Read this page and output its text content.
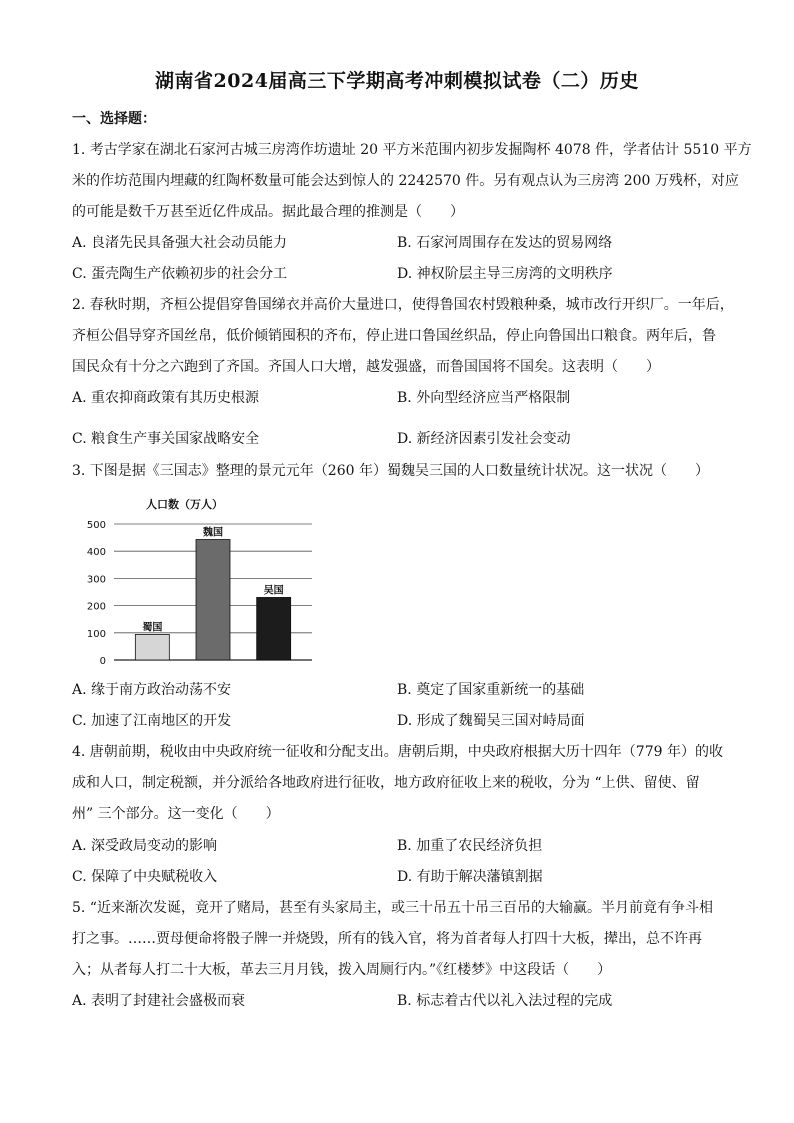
湖南省2024届高三下学期高考冲刺模拟试卷（二）历史
一、选择题：
1. 考古学家在湖北石家河古城三房湾作坊遗址 20 平方米范围内初步发掘陶杯 4078 件，学者估计 5510 平方
米的作坊范围内埋藏的红陶杯数量可能会达到惊人的 2242570 件。另有观点认为三房湾 200 万残杯，对应
的可能是数千万甚至近亿件成品。据此最合理的推测是（　　）
A. 良渚先民具备强大社会动员能力	B. 石家河周围存在发达的贸易网络
C. 蛋壳陶生产依赖初步的社会分工	D. 神权阶层主导三房湾的文明秩序
2. 春秋时期，齐桓公提倡穿鲁国绨衣并高价大量进口，使得鲁国农村毁粮种桑，城市改行开织厂。一年后，
齐桓公倡导穿齐国丝帛，低价倾销囤积的齐布，停止进口鲁国丝织品，停止向鲁国出口粮食。两年后，鲁
国民众有十分之六跑到了齐国。齐国人口大增，越发强盛，而鲁国国将不国矣。这表明（　　）
A. 重农抑商政策有其历史根源	B. 外向型经济应当严格限制
C. 粮食生产事关国家战略安全	D. 新经济因素引发社会变动
3. 下图是据《三国志》整理的景元元年（260 年）蜀魏吴三国的人口数量统计状况。这一状况（　　）
0
100
200
300
400
500
蜀国
魏国
吴国
人口数（万人）
A. 缘于南方政治动荡不安	B. 奠定了国家重新统一的基础
C. 加速了江南地区的开发	D. 形成了魏蜀吴三国对峙局面
4. 唐朝前期，税收由中央政府统一征收和分配支出。唐朝后期，中央政府根据大历十四年（779 年）的收
成和人口，制定税额，并分派给各地政府进行征收，地方政府征收上来的税收，分为 “上供、留使、留
州” 三个部分。这一变化（　　）
A. 深受政局变动的影响	B. 加重了农民经济负担
C. 保障了中央赋税收入	D. 有助于解决藩镇割据
5. “近来渐次发诞，竟开了赌局，甚至有头家局主，或三十吊五十吊三百吊的大输赢。半月前竟有争斗相
打之事。……贾母便命将骰子牌一并烧毁，所有的钱入官，将为首者每人打四十大板，撵出，总不许再
入；从者每人打二十大板，革去三月月钱，拨入周厕行内。”《红楼梦》中这段话（　　）
A. 表明了封建社会盛极而衰	B. 标志着古代以礼入法过程的完成
